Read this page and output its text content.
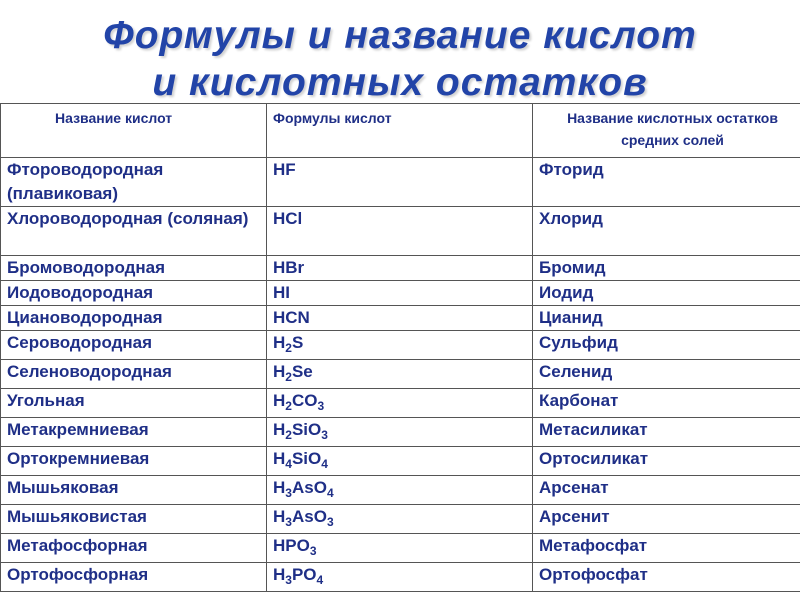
Формулы и название кислот
и кислотных остатков
Название кислот	Формулы кислот	Название кислотных остатков средних солей
Фтороводородная (плавиковая)	HF	Фторид
Хлороводородная (соляная)	HCl	Хлорид
Бромоводородная	HBr	Бромид
Иодоводородная	HI	Иодид
Циановодородная	HCN	Цианид
Сероводородная	$H_2S$	Сульфид
Селеноводородная	$H_2Se$	Селенид
Угольная	$H_2CO_3$	Карбонат
Метакремниевая	$H_2SiO_3$	Метасиликат
Ортокремниевая	$H_4SiO_4$	Ортосиликат
Мышьяковая	$H_3AsO_4$	Арсенат
Мышьяковистая	$H_3AsO_3$	Арсенит
Метафосфорная	$HPO_3$	Метафосфат
Ортофосфорная	$H_3PO_4$	Ортофосфат
